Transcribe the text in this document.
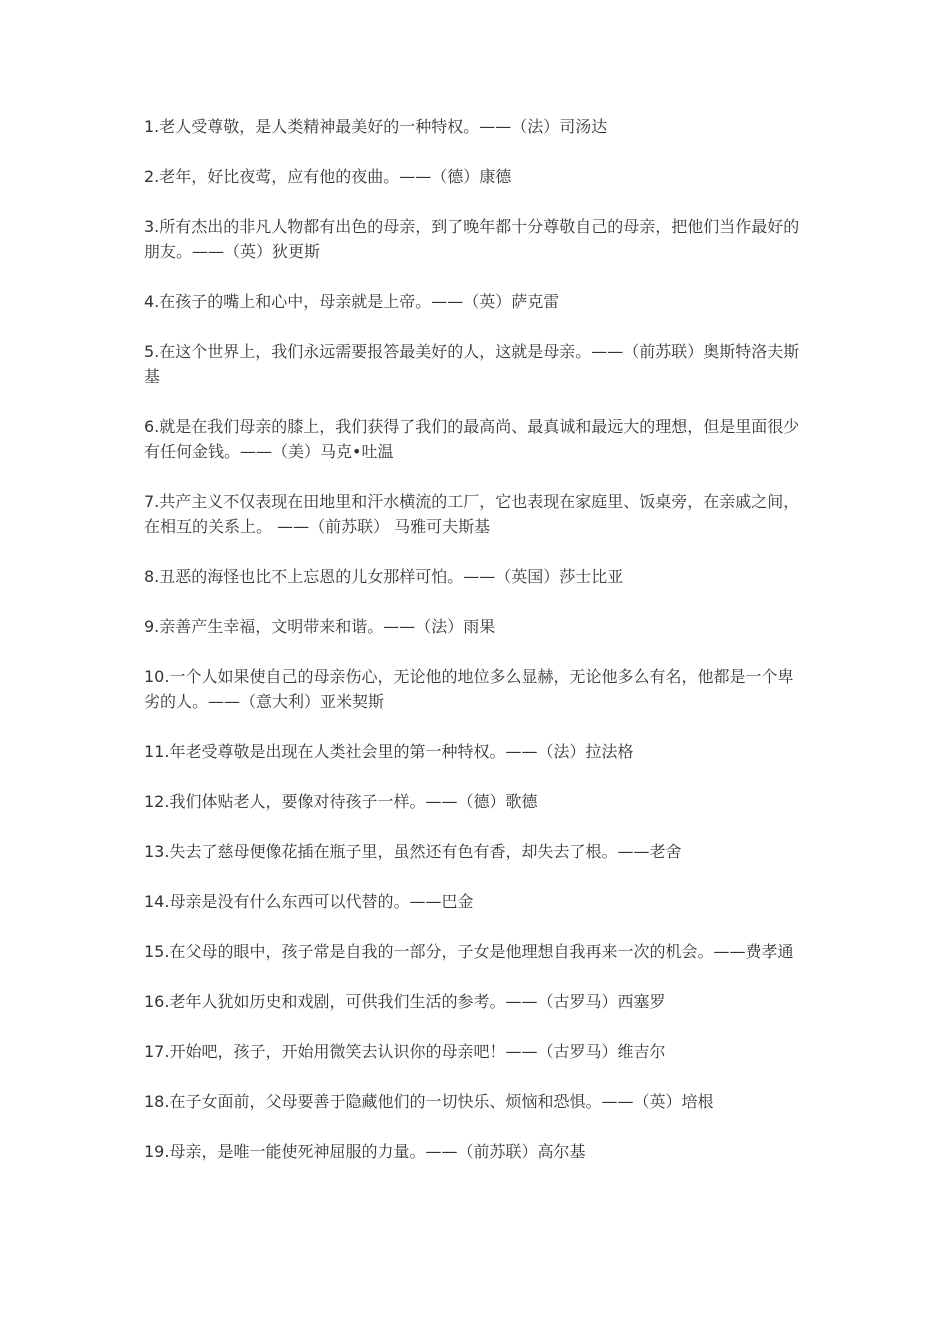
1.老人受尊敬，是人类精神最美好的一种特权。——（法）司汤达

2.老年，好比夜莺，应有他的夜曲。——（德）康德

3.所有杰出的非凡人物都有出色的母亲，到了晚年都十分尊敬自己的母亲，把他们当作最好的朋友。——（英）狄更斯

4.在孩子的嘴上和心中，母亲就是上帝。——（英）萨克雷

5.在这个世界上，我们永远需要报答最美好的人，这就是母亲。——（前苏联）奥斯特洛夫斯基

6.就是在我们母亲的膝上，我们获得了我们的最高尚、最真诚和最远大的理想，但是里面很少有任何金钱。——（美）马克•吐温

7.共产主义不仅表现在田地里和汗水横流的工厂，它也表现在家庭里、饭桌旁，在亲戚之间，在相互的关系上。 ——（前苏联） 马雅可夫斯基

8.丑恶的海怪也比不上忘恩的儿女那样可怕。——（英国）莎士比亚

9.亲善产生幸福，文明带来和谐。——（法）雨果

10.一个人如果使自己的母亲伤心，无论他的地位多么显赫，无论他多么有名，他都是一个卑劣的人。——（意大利）亚米契斯

11.年老受尊敬是出现在人类社会里的第一种特权。——（法）拉法格

12.我们体贴老人，要像对待孩子一样。——（德）歌德

13.失去了慈母便像花插在瓶子里，虽然还有色有香，却失去了根。——老舍

14.母亲是没有什么东西可以代替的。——巴金

15.在父母的眼中，孩子常是自我的一部分，子女是他理想自我再来一次的机会。——费孝通

16.老年人犹如历史和戏剧，可供我们生活的参考。——（古罗马）西塞罗

17.开始吧，孩子，开始用微笑去认识你的母亲吧！——（古罗马）维吉尔

18.在子女面前，父母要善于隐藏他们的一切快乐、烦恼和恐惧。——（英）培根

19.母亲，是唯一能使死神屈服的力量。——（前苏联）高尔基
